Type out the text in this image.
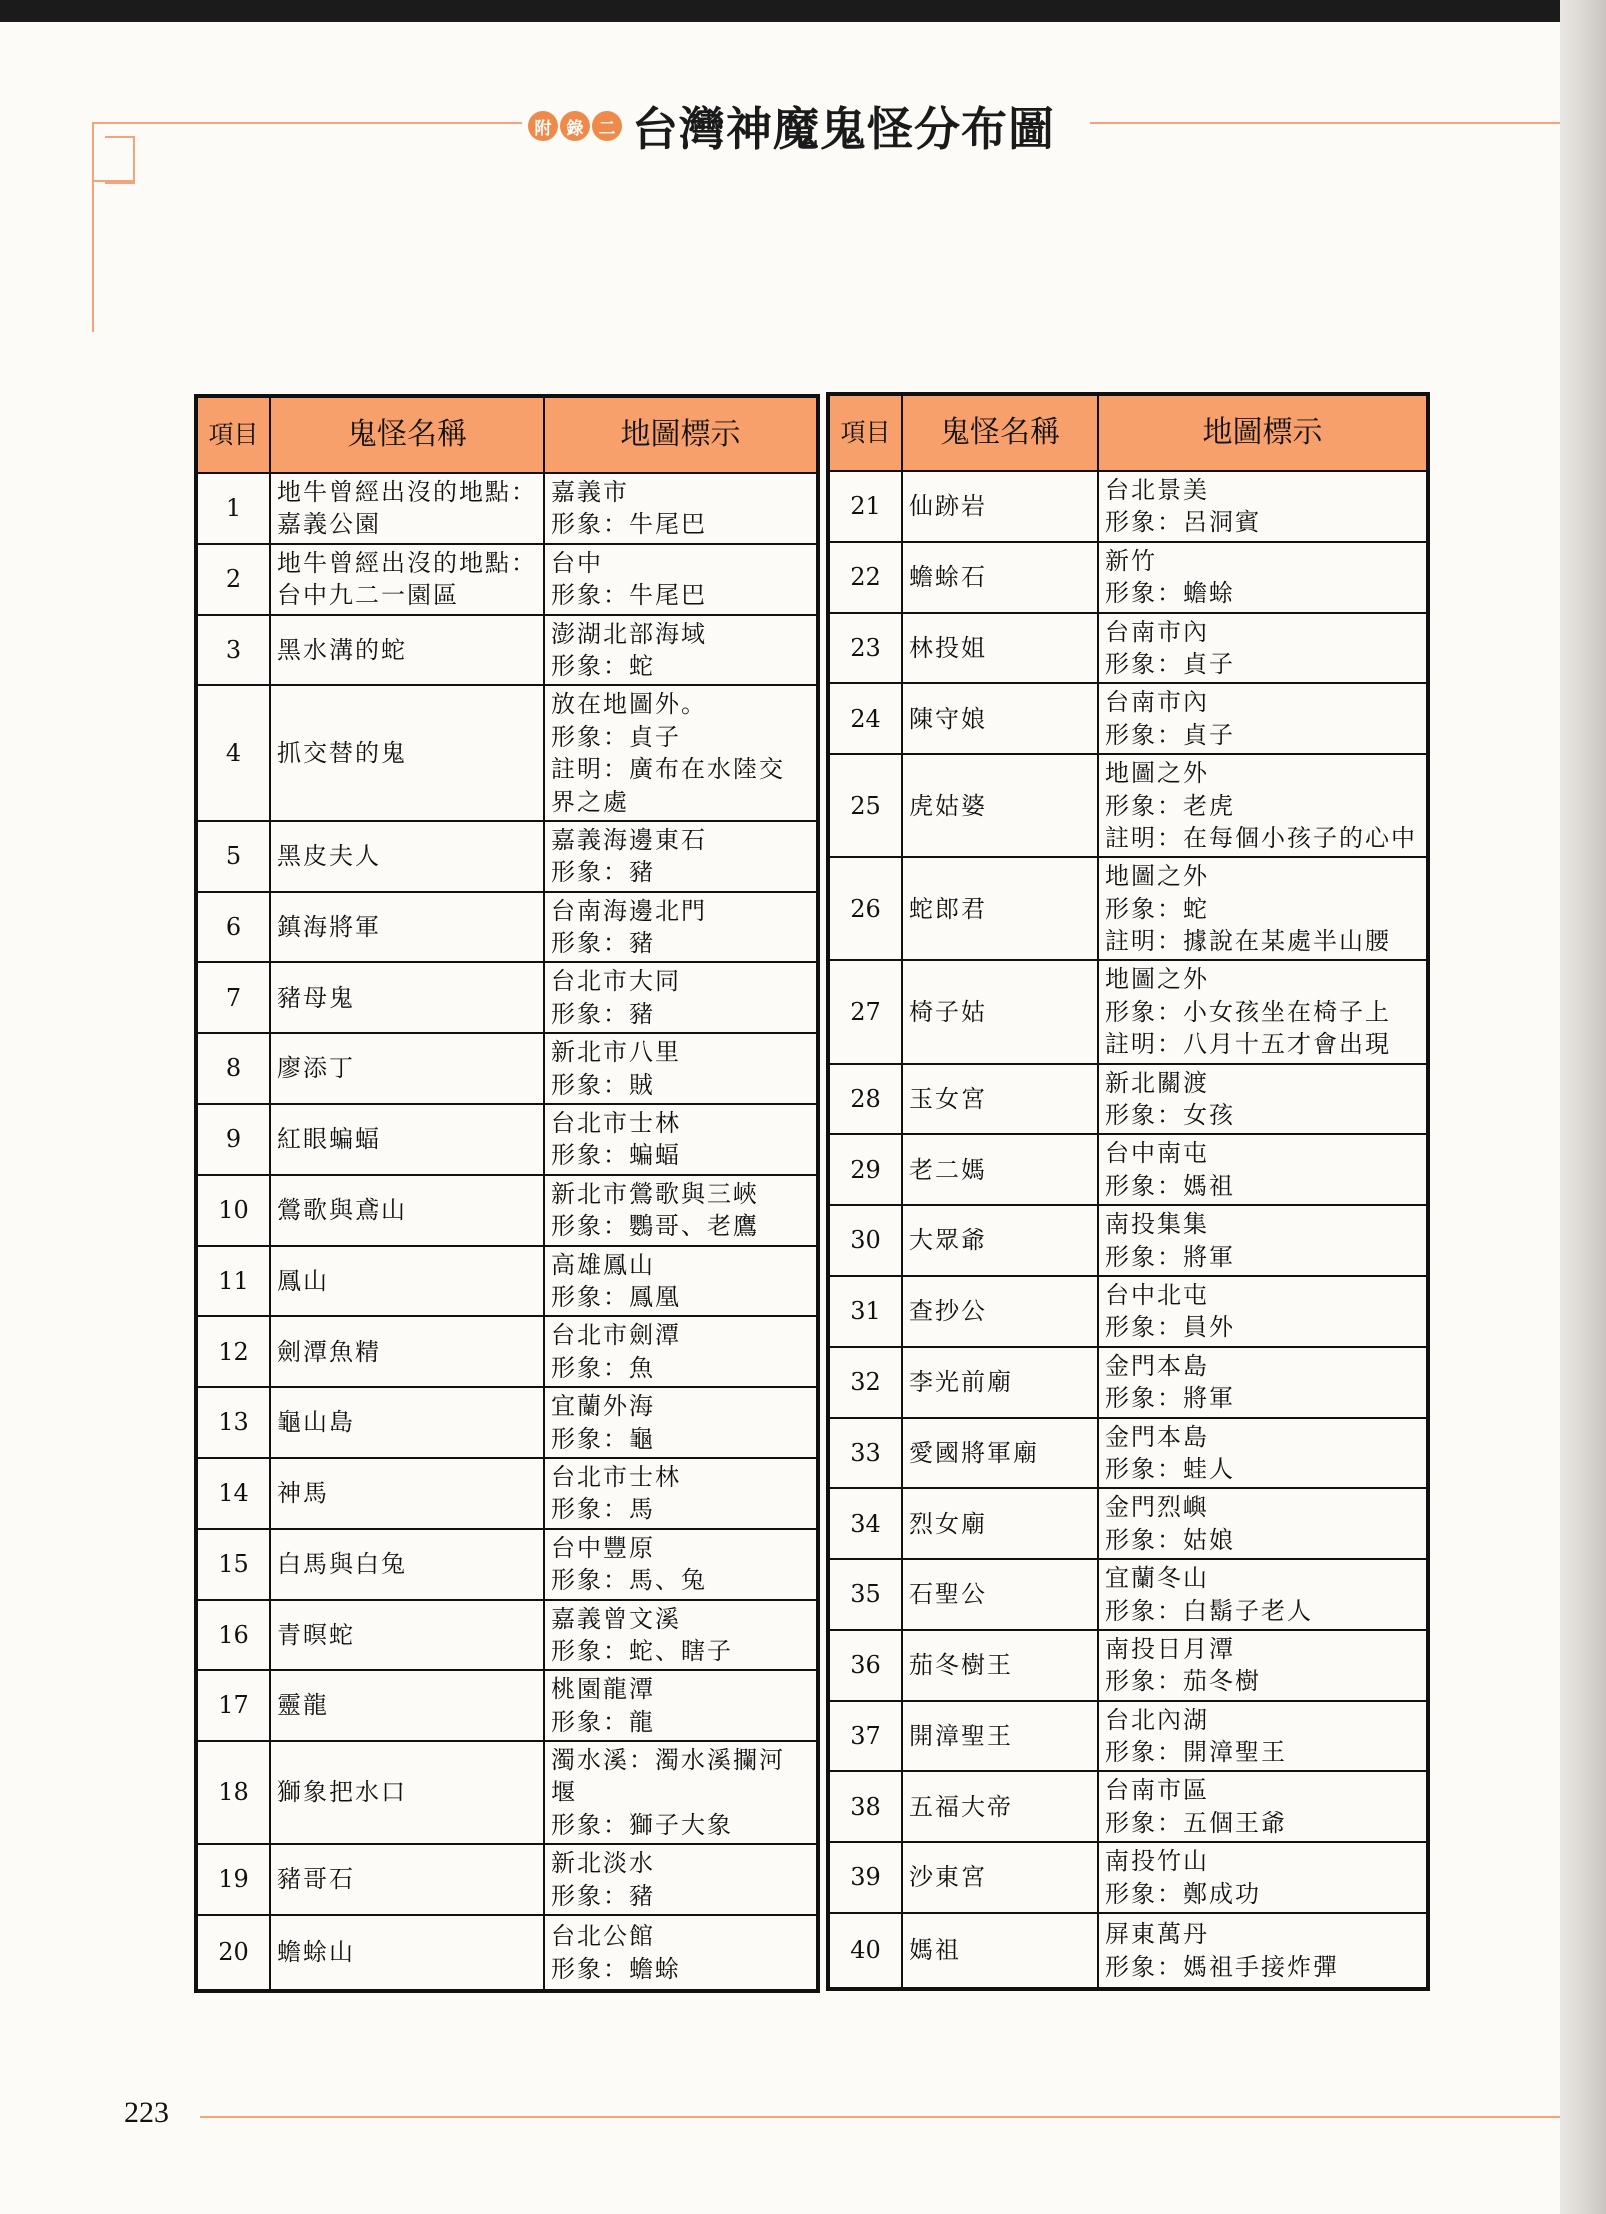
附 錄 二 台灣神魔鬼怪分布圖
項目	鬼怪名稱	地圖標示
1	地牛曾經出沒的地點：嘉義公園	嘉義市
形象：牛尾巴

2	地牛曾經出沒的地點：台中九二一園區	台中
形象：牛尾巴

3	黑水溝的蛇	澎湖北部海域
形象：蛇

4	抓交替的鬼	放在地圖外。
形象：貞子
註明：廣布在水陸交界之處

5	黑皮夫人	嘉義海邊東石
形象：豬

6	鎮海將軍	台南海邊北門
形象：豬

7	豬母鬼	台北市大同
形象：豬

8	廖添丁	新北市八里
形象：賊

9	紅眼蝙蝠	台北市士林
形象：蝙蝠

10	鶯歌與鳶山	新北市鶯歌與三峽
形象：鸚哥、老鷹

11	鳳山	高雄鳳山
形象：鳳凰

12	劍潭魚精	台北市劍潭
形象：魚

13	龜山島	宜蘭外海
形象：龜

14	神馬	台北市士林
形象：馬

15	白馬與白兔	台中豐原
形象：馬、兔

16	青暝蛇	嘉義曾文溪
形象：蛇、瞎子

17	靈龍	桃園龍潭
形象：龍

18	獅象把水口	濁水溪：濁水溪攔河堰
形象：獅子大象

19	豬哥石	新北淡水
形象：豬

20	蟾蜍山	台北公館
形象：蟾蜍
項目	鬼怪名稱	地圖標示
21	仙跡岩	台北景美
形象：呂洞賓

22	蟾蜍石	新竹
形象：蟾蜍

23	林投姐	台南市內
形象：貞子

24	陳守娘	台南市內
形象：貞子

25	虎姑婆	地圖之外
形象：老虎
註明：在每個小孩子的心中

26	蛇郎君	地圖之外
形象：蛇
註明：據說在某處半山腰

27	椅子姑	地圖之外
形象：小女孩坐在椅子上
註明：八月十五才會出現

28	玉女宮	新北關渡
形象：女孩

29	老二媽	台中南屯
形象：媽祖

30	大眾爺	南投集集
形象：將軍

31	查抄公	台中北屯
形象：員外

32	李光前廟	金門本島
形象：將軍

33	愛國將軍廟	金門本島
形象：蛙人

34	烈女廟	金門烈嶼
形象：姑娘

35	石聖公	宜蘭冬山
形象：白鬍子老人

36	茄冬樹王	南投日月潭
形象：茄冬樹

37	開漳聖王	台北內湖
形象：開漳聖王

38	五福大帝	台南市區
形象：五個王爺

39	沙東宮	南投竹山
形象：鄭成功

40	媽祖	屏東萬丹
形象：媽祖手接炸彈
223
